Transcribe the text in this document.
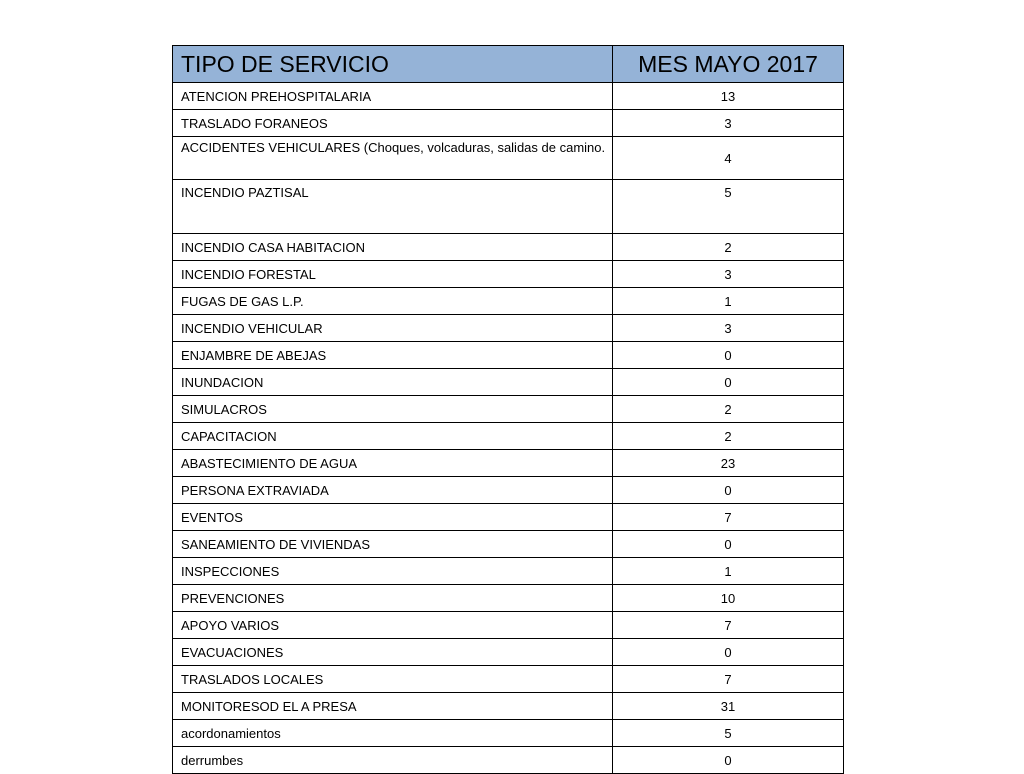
TIPO DE SERVICIO	MES MAYO 2017
ATENCION PREHOSPITALARIA	13
TRASLADO FORANEOS	3
ACCIDENTES VEHICULARES (Choques, volcaduras, salidas de camino.	4
INCENDIO PAZTISAL	5
INCENDIO CASA HABITACION	2
INCENDIO FORESTAL	3
FUGAS DE GAS L.P.	1
INCENDIO VEHICULAR	3
ENJAMBRE DE ABEJAS	0
INUNDACION	0
SIMULACROS	2
CAPACITACION	2
ABASTECIMIENTO DE AGUA	23
PERSONA EXTRAVIADA	0
EVENTOS	7
SANEAMIENTO DE VIVIENDAS	0
INSPECCIONES	1
PREVENCIONES	10
APOYO VARIOS	7
EVACUACIONES	0
TRASLADOS LOCALES	7
MONITORESOD EL A PRESA	31
acordonamientos	5
derrumbes	0
